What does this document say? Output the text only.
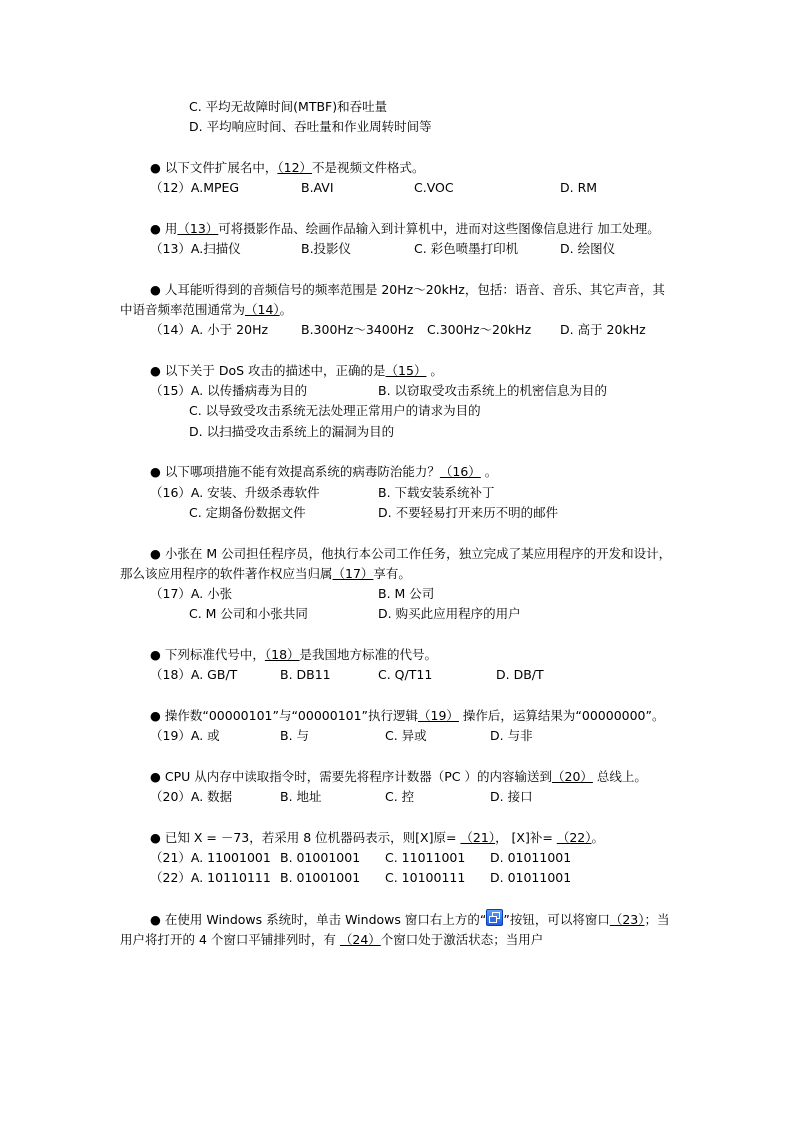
C. 平均无故障时间(MTBF)和吞吐量
D. 平均响应时间、吞吐量和作业周转时间等
● 以下文件扩展名中，（12）不是视频文件格式。
（12）A.MPEG	B.AVI	C.VOC	D. RM
● 用（13）可将摄影作品、绘画作品输入到计算机中，进而对这些图像信息进行 加工处理。
（13）A.扫描仪	B.投影仪	C. 彩色喷墨打印机	D. 绘图仪
● 人耳能听得到的音频信号的频率范围是 20Hz～20kHz，包括：语音、音乐、其它声音，其中语音频率范围通常为（14）。
（14）A. 小于 20Hz	B.300Hz～3400Hz C.300Hz～20kHz D. 高于 20kHz
● 以下关于 DoS 攻击的描述中，正确的是（15） 。
（15）A. 以传播病毒为目的	B. 以窃取受攻击系统上的机密信息为目的
C. 以导致受攻击系统无法处理正常用户的请求为目的
D. 以扫描受攻击系统上的漏洞为目的
● 以下哪项措施不能有效提高系统的病毒防治能力？（16） 。
（16）A. 安装、升级杀毒软件	B. 下载安装系统补丁
C. 定期备份数据文件	D. 不要轻易打开来历不明的邮件
● 小张在 M 公司担任程序员，他执行本公司工作任务，独立完成了某应用程序的开发和设计，那么该应用程序的软件著作权应当归属（17）享有。
（17）A. 小张	B. M 公司
C. M 公司和小张共同	D. 购买此应用程序的用户
● 下列标准代号中，（18）是我国地方标准的代号。
（18）A. GB/T	B. DB11	C. Q/T11	D. DB/T
● 操作数“00000101”与“00000101”执行逻辑（19） 操作后，运算结果为“00000000”。
（19）A. 或	B. 与	C. 异或	D. 与非
● CPU 从内存中读取指令时，需要先将程序计数器（PC ）的内容输送到（20） 总线上。
（20）A. 数据	B. 地址	C. 控	D. 接口
● 已知 X = －73，若采用 8 位机器码表示，则[X]原= （21）， [X]补= （22）。
（21）A. 11001001 B. 01001001 C. 11011001 D. 01011001
（22）A. 10110111 B. 01001001 C. 10100111 D. 01011001
● 在使用 Windows 系统时，单击 Windows 窗口右上方的“ ”按钮，可以将窗口（23）；当用户将打开的 4 个窗口平铺排列时，有 （24）个窗口处于激活状态；当用户
